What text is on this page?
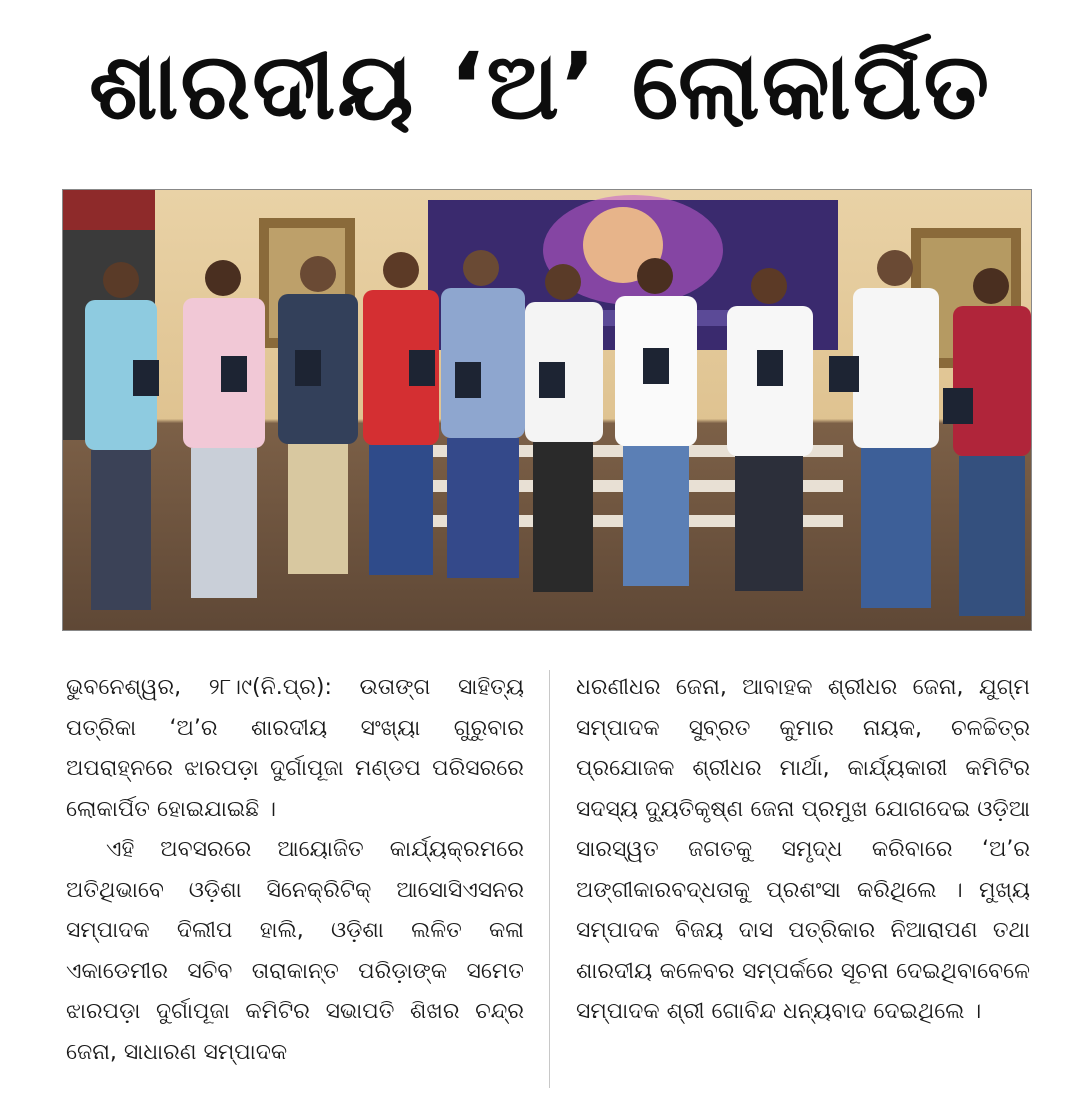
ଶାରଦୀୟ ‘ଅ’ ଲୋକାର୍ପିତ

ଭୁବନେଶ୍ୱର, ୨୮।୯(ନି.ପ୍ର): ଉତାଙ୍ଗ ସାହିତ୍ୟ ପତ୍ରିକା ‘ଅ’ର ଶାରଦୀୟ ସଂଖ୍ୟା ଗୁରୁବାର ଅପରାହ୍ନରେ ଝାରପଡ଼ା ଦୁର୍ଗାପୂଜା ମଣ୍ଡପ ପରିସରରେ ଲୋକାର୍ପିତ ହୋଇଯାଇଛି ।

ଏହି ଅବସରରେ ଆୟୋଜିତ କାର୍ଯ୍ୟକ୍ରମରେ ଅତିଥିଭାବେ ଓଡ଼ିଶା ସିନେକ୍ରିଟିକ୍ ଆସୋସିଏସନର ସମ୍ପାଦକ ଦିଲୀପ ହାଲି, ଓଡ଼ିଶା ଲଳିତ କଳା ଏକାଡେମୀର ସଚିବ ତାରାକାନ୍ତ ପରିଡ଼ାଙ୍କ ସମେତ ଝାରପଡ଼ା ଦୁର୍ଗାପୂଜା କମିଟିର ସଭାପତି ଶିଖର ଚନ୍ଦ୍ର ଜେନା, ସାଧାରଣ ସମ୍ପାଦକ

ଧରଣୀଧର ଜେନା, ଆବାହକ ଶ୍ରୀଧର ଜେନା, ଯୁଗ୍ମ ସମ୍ପାଦକ ସୁବ୍ରତ କୁମାର ନାୟକ, ଚଳଚ୍ଚିତ୍ର ପ୍ରଯୋଜକ ଶ୍ରୀଧର ମାର୍ଥା, କାର୍ଯ୍ୟକାରୀ କମିଟିର ସଦସ୍ୟ ଦ୍ୟୁତିକୃଷ୍ଣ ଜେନା ପ୍ରମୁଖ ଯୋଗଦେଇ ଓଡ଼ିଆ ସାରସ୍ୱତ ଜଗତକୁ ସମୃଦ୍ଧ କରିବାରେ ‘ଅ’ର ଅଙ୍ଗୀକାରବଦ୍ଧତାକୁ ପ୍ରଶଂସା କରିଥିଲେ । ମୁଖ୍ୟ ସମ୍ପାଦକ ବିଜୟ ଦାସ ପତ୍ରିକାର ନିଆରାପଣ ତଥା ଶାରଦୀୟ କଳେବର ସମ୍ପର୍କରେ ସୂଚନା ଦେଇଥିବାବେଳେ ସମ୍ପାଦକ ଶ୍ରୀ ଗୋବିନ୍ଦ ଧନ୍ୟବାଦ ଦେଇଥିଲେ ।
